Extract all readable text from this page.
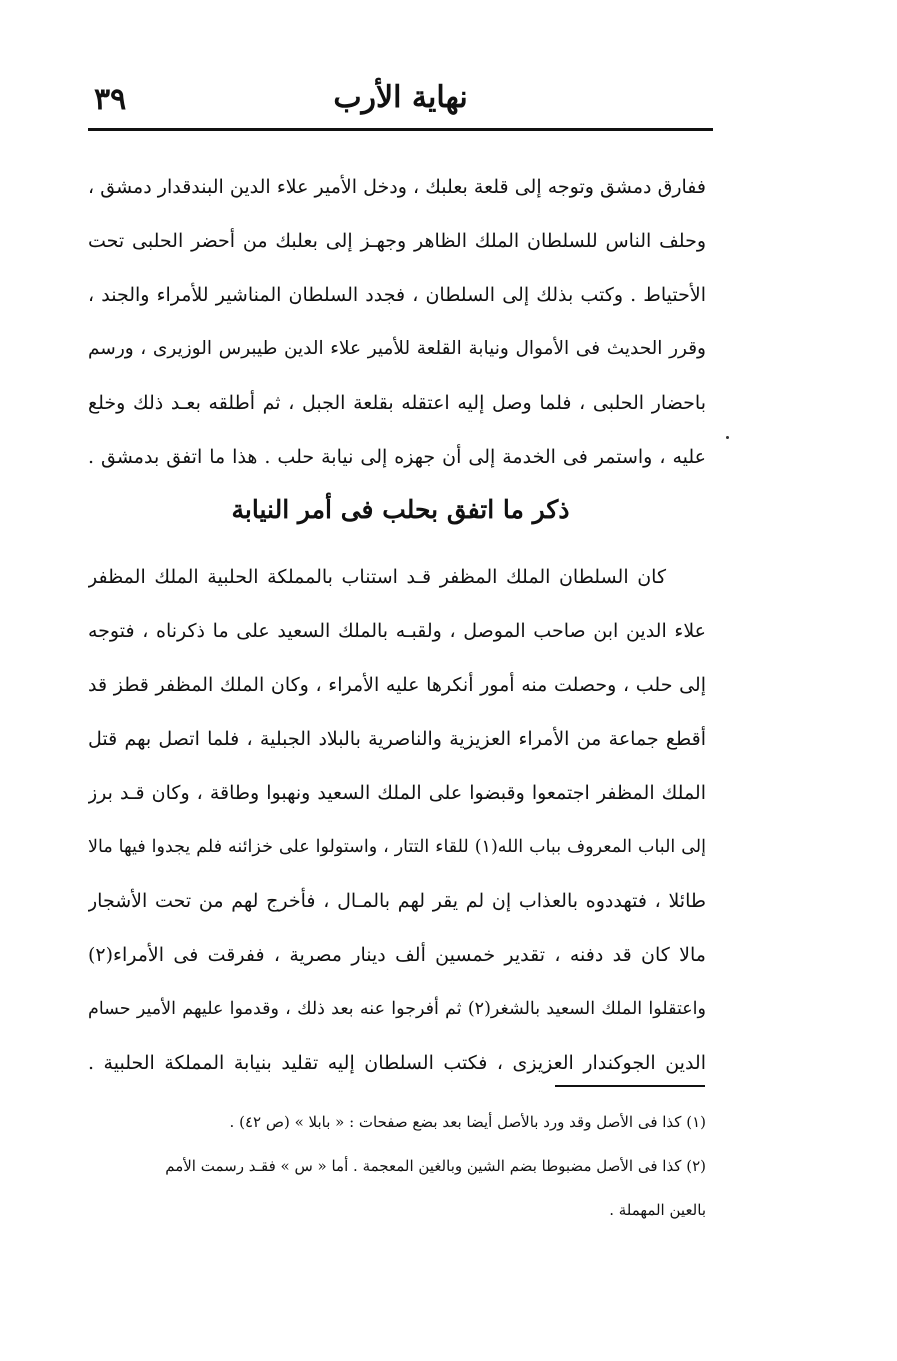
٣٩	نهاية الأرب

ففارق دمشق وتوجه إلى قلعة بعلبك ، ودخل الأمير علاء الدين البندقدار دمشق ،

وحلف الناس للسلطان الملك الظاهر وجهـز إلى بعلبك من أحضر الحلبى تحت

الأحتياط . وكتب بذلك إلى السلطان ، فجدد السلطان المناشير للأمراء والجند ،

وقرر الحديث فى الأموال ونيابة القلعة للأمير علاء الدين طيبرس الوزيرى ، ورسم

باحضار الحلبى ، فلما وصل إليه اعتقله بقلعة الجبل ، ثم أطلقه بعـد ذلك وخلع

عليه ، واستمر فى الخدمة إلى أن جهزه إلى نيابة حلب . هذا ما اتفق بدمشق .

ذكر ما اتفق بحلب فى أمر النيابة

كان السلطان الملك المظفر قـد استناب بالمملكة الحلبية الملك المظفر

علاء الدين ابن صاحب الموصل ، ولقبـه بالملك السعيد على ما ذكرناه ، فتوجه

إلى حلب ، وحصلت منه أمور أنكرها عليه الأمراء ، وكان الملك المظفر قطز قد

أقطع جماعة من الأمراء العزيزية والناصرية بالبلاد الجبلية ، فلما اتصل بهم قتل

الملك المظفر اجتمعوا وقبضوا على الملك السعيد ونهبوا وطاقة ، وكان قـد برز

إلى الباب المعروف بباب الله(١) للقاء التتار ، واستولوا على خزائنه فلم يجدوا فيها مالا

طائلا ، فتهددوه بالعذاب إن لم يقر لهم بالمـال ، فأخرج لهم من تحت الأشجار

مالا كان قد دفنه ، تقدير خمسين ألف دينار مصرية ، ففرقت فى الأمراء(٢)

واعتقلوا الملك السعيد بالشغر(٢) ثم أفرجوا عنه بعد ذلك ، وقدموا عليهم الأمير حسام

الدين الجوكندار العزيزى ، فكتب السلطان إليه تقليد بنيابة المملكة الحلبية .

(١) كذا فى الأصل وقد ورد بالأصل أيضا بعد بضع صفحات : « بابلا » (ص ٤٢) .

(٢) كذا فى الأصل مضبوطا بضم الشين وبالغين المعجمة . أما « س » فقـد رسمت الأمم

بالعين المهملة .
